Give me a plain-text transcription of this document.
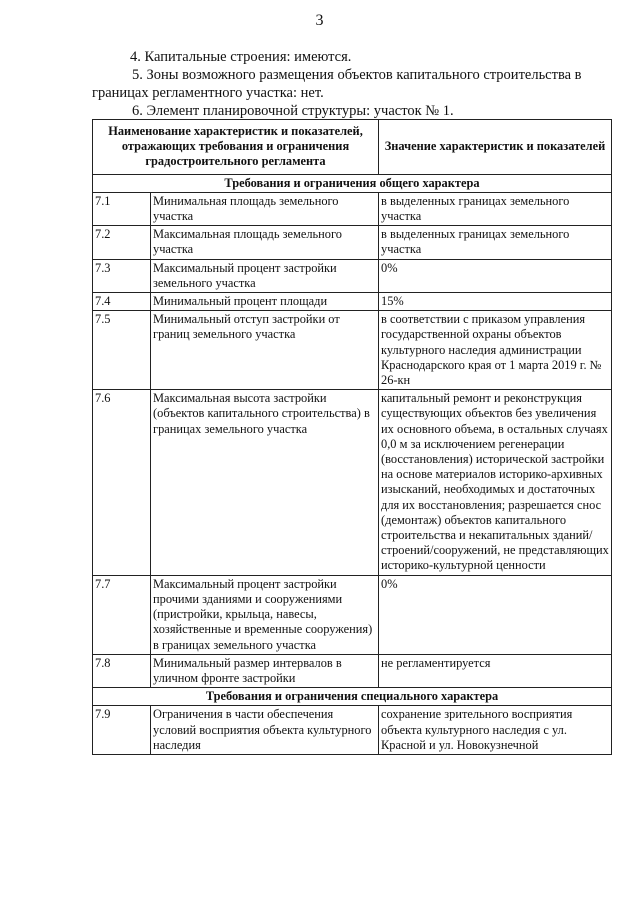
3
4. Капитальные строения: имеются.
5. Зоны возможного размещения объектов капитального строительства в
границах регламентного участка: нет.
6. Элемент планировочной структуры: участок № 1.
Наименование характеристик и показателей, отражающих требования и ограничения градостроительного регламента		Значение характеристик и показателей
Требования и ограничения общего характера		
7.1	Минимальная площадь земельного участка	в выделенных границах земельного участка
7.2	Максимальная площадь земельного участка	в выделенных границах земельного участка
7.3	Максимальный процент застройки земельного участка	0%
7.4	Минимальный процент площади	15%
7.5	Минимальный отступ застройки от границ земельного участка	в соответствии с приказом управления государственной охраны объектов культурного наследия администрации Краснодарского края от 1 марта 2019 г. № 26-кн
7.6	Максимальная высота застройки (объектов капитального строительства) в границах земельного участка	капитальный ремонт и реконструкция существующих объектов без увеличения их основного объема, в остальных случаях 0,0 м за исключением регенерации (восстановления) исторической застройки на основе материалов историко-архивных изысканий, необходимых и достаточных для их восстановления; разрешается снос (демонтаж) объектов капитального строительства и некапитальных зданий/строений/сооружений, не представляющих историко-культурной ценности
7.7	Максимальный процент застройки прочими зданиями и сооружениями (пристройки, крыльца, навесы, хозяйственные и временные сооружения) в границах земельного участка	0%
7.8	Минимальный размер интервалов в уличном фронте застройки	не регламентируется
Требования и ограничения специального характера		
7.9	Ограничения в части обеспечения условий восприятия объекта культурного наследия	сохранение зрительного восприятия объекта культурного наследия с ул. Красной и ул. Новокузнечной
